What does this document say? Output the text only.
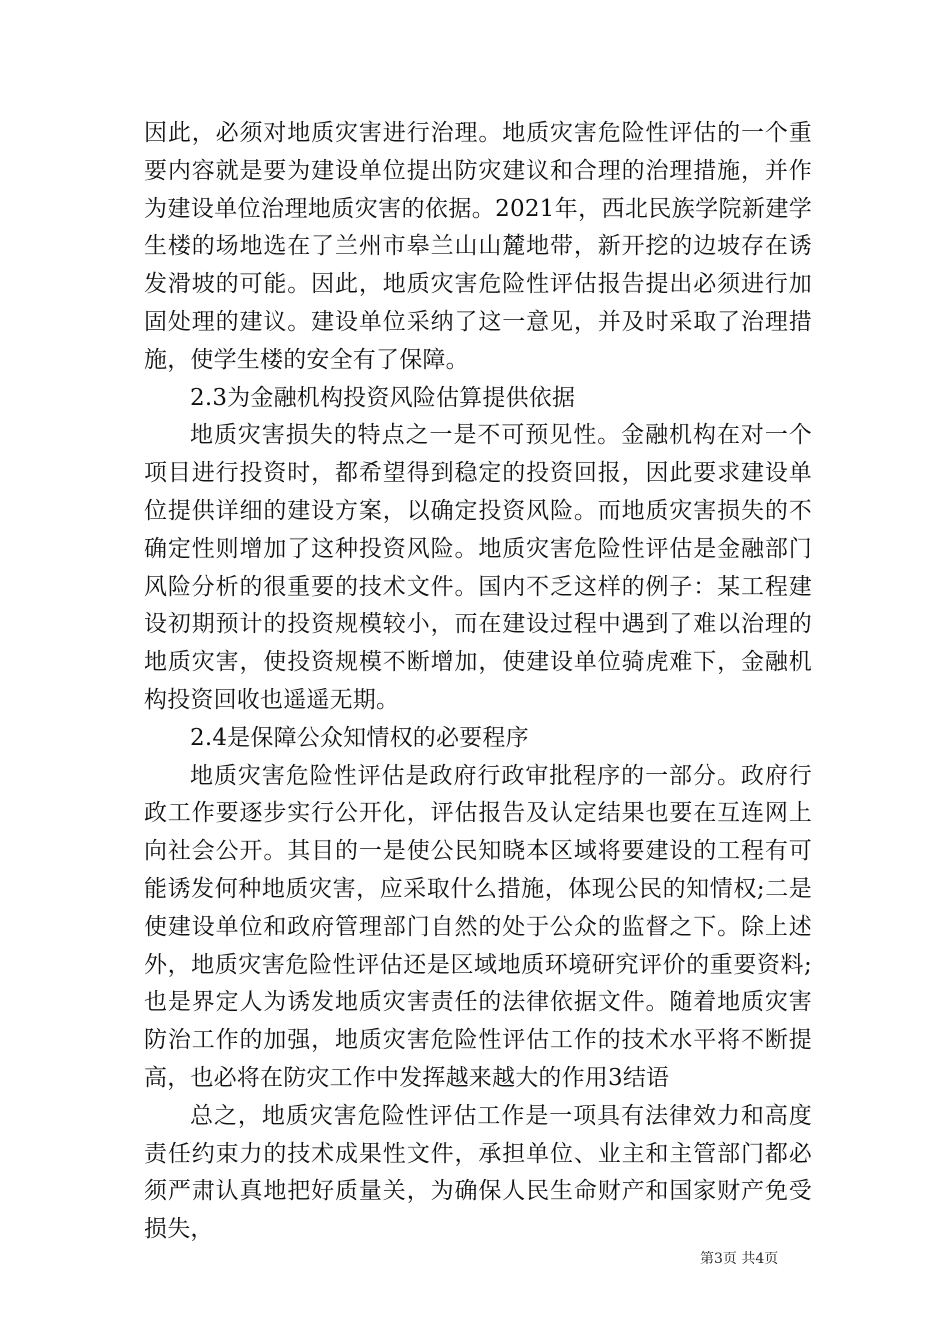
因此，必须对地质灾害进行治理。地质灾害危险性评估的一个重要内容就是要为建设单位提出防灾建议和合理的治理措施，并作为建设单位治理地质灾害的依据。2021年，西北民族学院新建学生楼的场地选在了兰州市皋兰山山麓地带，新开挖的边坡存在诱发滑坡的可能。因此，地质灾害危险性评估报告提出必须进行加固处理的建议。建设单位采纳了这一意见，并及时采取了治理措施，使学生楼的安全有了保障。

2.3为金融机构投资风险估算提供依据

地质灾害损失的特点之一是不可预见性。金融机构在对一个项目进行投资时，都希望得到稳定的投资回报，因此要求建设单位提供详细的建设方案，以确定投资风险。而地质灾害损失的不确定性则增加了这种投资风险。地质灾害危险性评估是金融部门风险分析的很重要的技术文件。国内不乏这样的例子：某工程建设初期预计的投资规模较小，而在建设过程中遇到了难以治理的地质灾害，使投资规模不断增加，使建设单位骑虎难下，金融机构投资回收也遥遥无期。

2.4是保障公众知情权的必要程序

地质灾害危险性评估是政府行政审批程序的一部分。政府行政工作要逐步实行公开化，评估报告及认定结果也要在互连网上向社会公开。其目的一是使公民知晓本区域将要建设的工程有可能诱发何种地质灾害，应采取什么措施，体现公民的知情权;二是使建设单位和政府管理部门自然的处于公众的监督之下。除上述外，地质灾害危险性评估还是区域地质环境研究评价的重要资料;也是界定人为诱发地质灾害责任的法律依据文件。随着地质灾害防治工作的加强，地质灾害危险性评估工作的技术水平将不断提高，也必将在防灾工作中发挥越来越大的作用3结语

总之，地质灾害危险性评估工作是一项具有法律效力和高度责任约束力的技术成果性文件，承担单位、业主和主管部门都必须严肃认真地把好质量关，为确保人民生命财产和国家财产免受损失，

第3页 共4页
